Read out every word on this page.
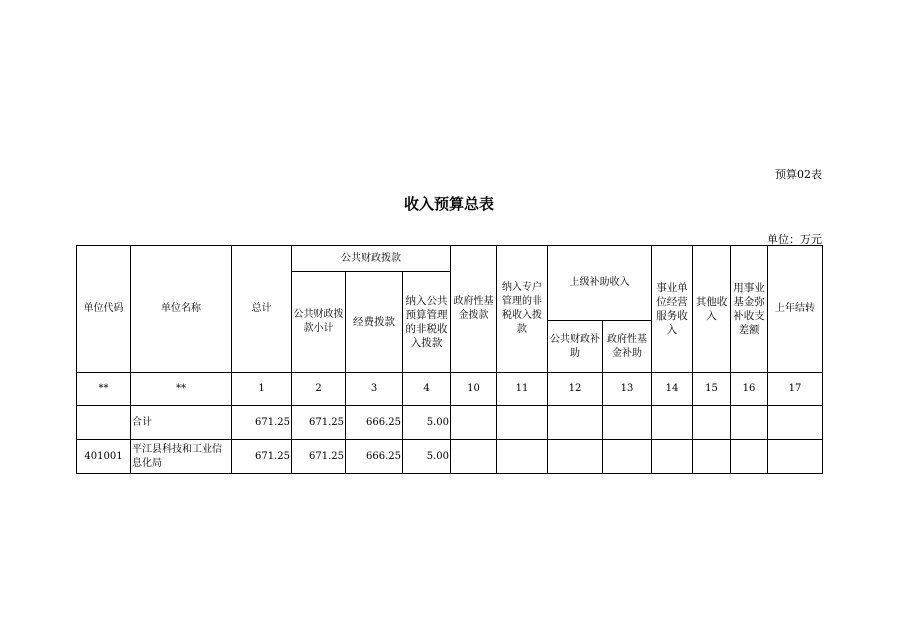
预算02表
收入预算总表
单位：万元
单位代码	单位名称	总计	公共财政拨款			政府性基金拨款	纳入专户管理的非税收入拨款	上级补助收入		事业单位经营服务收入	其他收入	用事业基金弥补收支差额	上年结转
			公共财政拨款小计	经费拨款	纳入公共预算管理的非税收入拨款								
								公共财政补助	政府性基金补助				
**	**	1	2	3	4	10	11	12	13	14	15	16	17
	合计	671.25	671.25	666.25	5.00								
401001	平江县科技和工业信息化局	671.25	671.25	666.25	5.00								
